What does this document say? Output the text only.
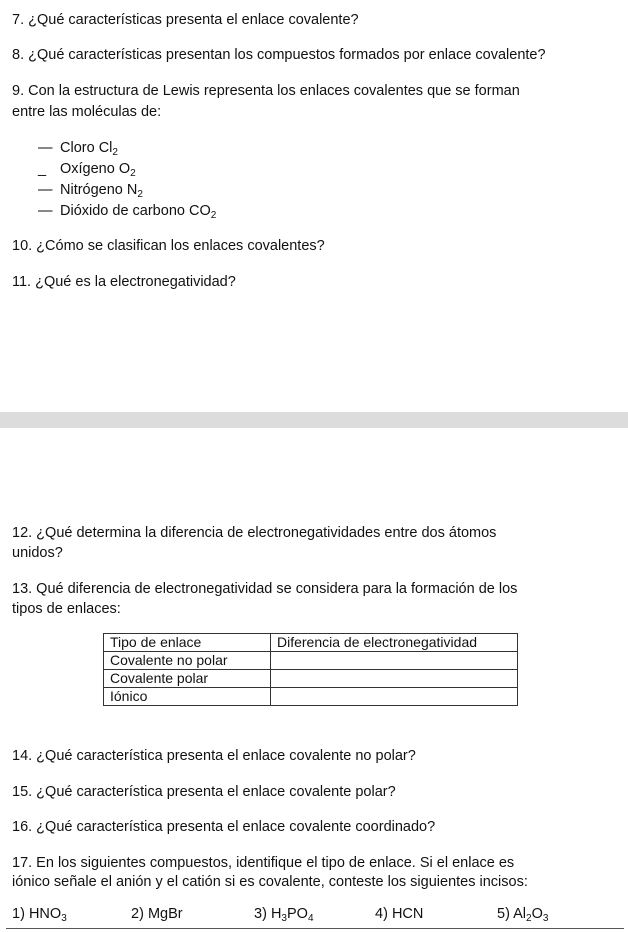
7. ¿Qué características presenta el enlace covalente?
8. ¿Qué características presentan los compuestos formados por enlace covalente?
9. Con la estructura de Lewis representa los enlaces covalentes que se forman
entre las moléculas de:
— Cloro $Cl_2$
_ Oxígeno $O_2$
— Nitrógeno $N_2$
— Dióxido de carbono $CO_2$
10. ¿Cómo se clasifican los enlaces covalentes?
11. ¿Qué es la electronegatividad?
12. ¿Qué determina la diferencia de electronegatividades entre dos átomos
unidos?
13. Qué diferencia de electronegatividad se considera para la formación de los
tipos de enlaces:
Tipo de enlace	Diferencia de electronegatividad
Covalente no polar	
Covalente polar	
Iónico	
14. ¿Qué característica presenta el enlace covalente no polar?
15. ¿Qué característica presenta el enlace covalente polar?
16. ¿Qué característica presenta el enlace covalente coordinado?
17. En los siguientes compuestos, identifique el tipo de enlace. Si el enlace es
iónico señale el anión y el catión si es covalente, conteste los siguientes incisos:
1) $HNO_3$	2) MgBr	3) $H_3PO_4$	4) HCN	5) $Al_2O_3$
